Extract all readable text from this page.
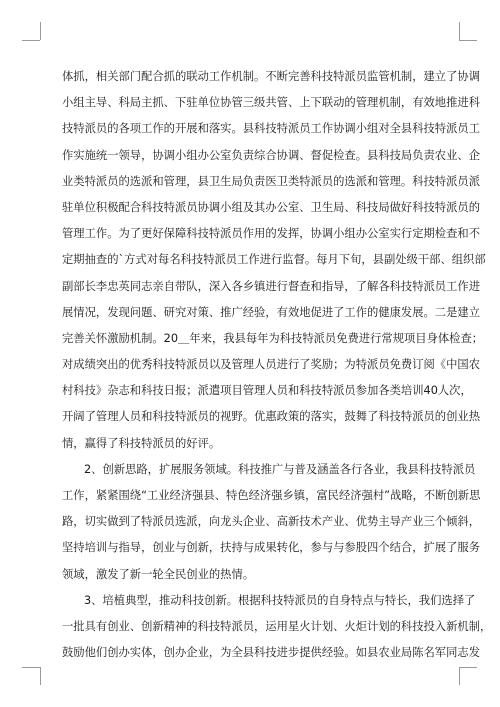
体抓，相关部门配合抓的联动工作机制。不断完善科技特派员监管机制，建立了协调
小组主导、科局主抓、下驻单位协管三级共管、上下联动的管理机制，有效地推进科
技特派员的各项工作的开展和落实。县科技特派员工作协调小组对全县科技特派员工
作实施统一领导，协调小组办公室负责综合协调、督促检查。县科技局负责农业、企
业类特派员的选派和管理，县卫生局负责医卫类特派员的选派和管理。科技特派员派
驻单位积极配合科技特派员协调小组及其办公室、卫生局、科技局做好科技特派员的
管理工作。为了更好保障科技特派员作用的发挥，协调小组办公室实行定期检查和不
定期抽查的`方式对每名科技特派员工作进行监督。每月下旬，县副处级干部、组织部
副部长李忠英同志亲自带队，深入各乡镇进行督查和指导，了解各科技特派员工作进
展情况，发现问题、研究对策、推广经验，有效地促进了工作的健康发展。二是建立
完善关怀激励机制。20＿年来，我县每年为科技特派员免费进行常规项目身体检查；
对成绩突出的优秀科技特派员以及管理人员进行了奖励；为特派员免费订阅《中国农
村科技》杂志和科技日报；派遣项目管理人员和科技特派员参加各类培训40人次，
开阔了管理人员和科技特派员的视野。优惠政策的落实，鼓舞了科技特派员的创业热
情，赢得了科技特派员的好评。
2、创新思路，扩展服务领域。科技推广与普及涵盖各行各业，我县科技特派员
工作，紧紧围绕“工业经济强县、特色经济强乡镇，富民经济强村”战略，不断创新思
路，切实做到了特派员选派，向龙头企业、高新技术产业、优势主导产业三个倾斜，
坚持培训与指导，创业与创新，扶持与成果转化，参与与参股四个结合，扩展了服务
领域，激发了新一轮全民创业的热情。
3、培植典型，推动科技创新。根据科技特派员的自身特点与特长，我们选择了
一批具有创业、创新精神的科技特派员，运用星火计划、火炬计划的科技投入新机制，
鼓励他们创办实体，创办企业，为全县科技进步提供经验。如县农业局陈名军同志发
